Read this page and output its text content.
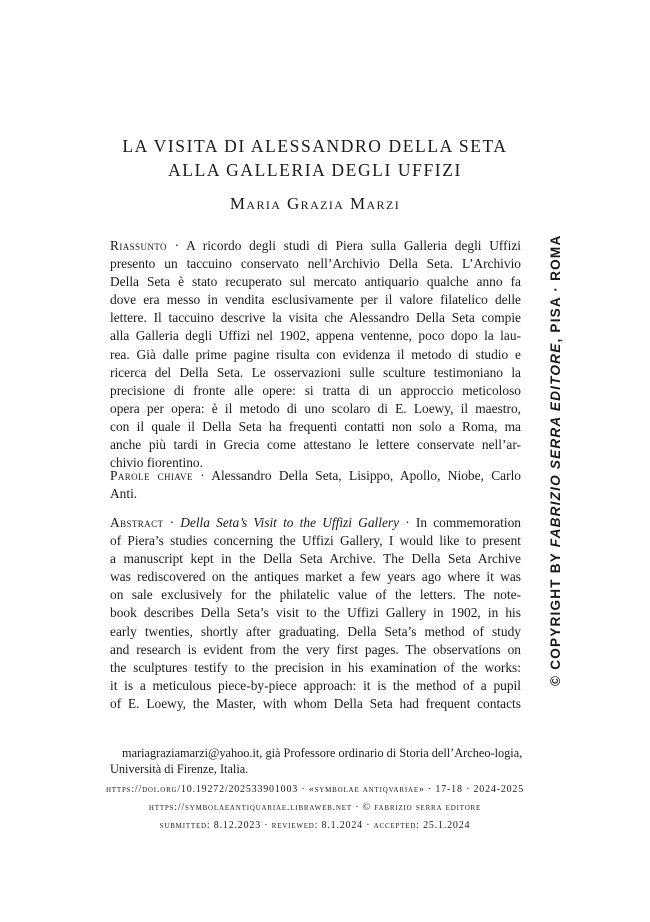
LA VISITA DI ALESSANDRO DELLA SETA
ALLA GALLERIA DEGLI UFFIZI
Maria Grazia Marzi
Riassunto · A ricordo degli studi di Piera sulla Galleria degli Uffizi
presento un taccuino conservato nell’Archivio Della Seta. L’Archivio
Della Seta è stato recuperato sul mercato antiquario qualche anno fa
dove era messo in vendita esclusivamente per il valore filatelico delle
lettere. Il taccuino descrive la visita che Alessandro Della Seta compie
alla Galleria degli Uffizi nel 1902, appena ventenne, poco dopo la lau-
rea. Già dalle prime pagine risulta con evidenza il metodo di studio e
ricerca del Della Seta. Le osservazioni sulle sculture testimoniano la
precisione di fronte alle opere: si tratta di un approccio meticoloso
opera per opera: è il metodo di uno scolaro di E. Loewy, il maestro,
con il quale il Della Seta ha frequenti contatti non solo a Roma, ma
anche più tardi in Grecia come attestano le lettere conservate nell’ar-
chivio fiorentino.
Parole chiave · Alessandro Della Seta, Lisippo, Apollo, Niobe, Carlo
Anti.
Abstract · Della Seta’s Visit to the Uffizi Gallery · In commemoration
of Piera’s studies concerning the Uffizi Gallery, I would like to present
a manuscript kept in the Della Seta Archive. The Della Seta Archive
was rediscovered on the antiques market a few years ago where it was
on sale exclusively for the philatelic value of the letters. The note-
book describes Della Seta’s visit to the Uffizi Gallery in 1902, in his
early twenties, shortly after graduating. Della Seta’s method of study
and research is evident from the very first pages. The observations on
the sculptures testify to the precision in his examination of the works:
it is a meticulous piece-by-piece approach: it is the method of a pupil
of E. Loewy, the Master, with whom Della Seta had frequent contacts
© COPYRIGHT BY FABRIZIO SERRA EDITORE, PISA · ROMA
mariagraziamarzi@yahoo.it, già Professore ordinario di Storia dell’Archeo-logia, Università di Firenze, Italia.
https://doi.org/10.19272/202533901003 · «symbolae antiqvariae» · 17-18 · 2024-2025
https://symbolaeantiquariae.libraweb.net · © fabrizio serra editore
submitted: 8.12.2023 · reviewed: 8.1.2024 · accepted: 25.1.2024
